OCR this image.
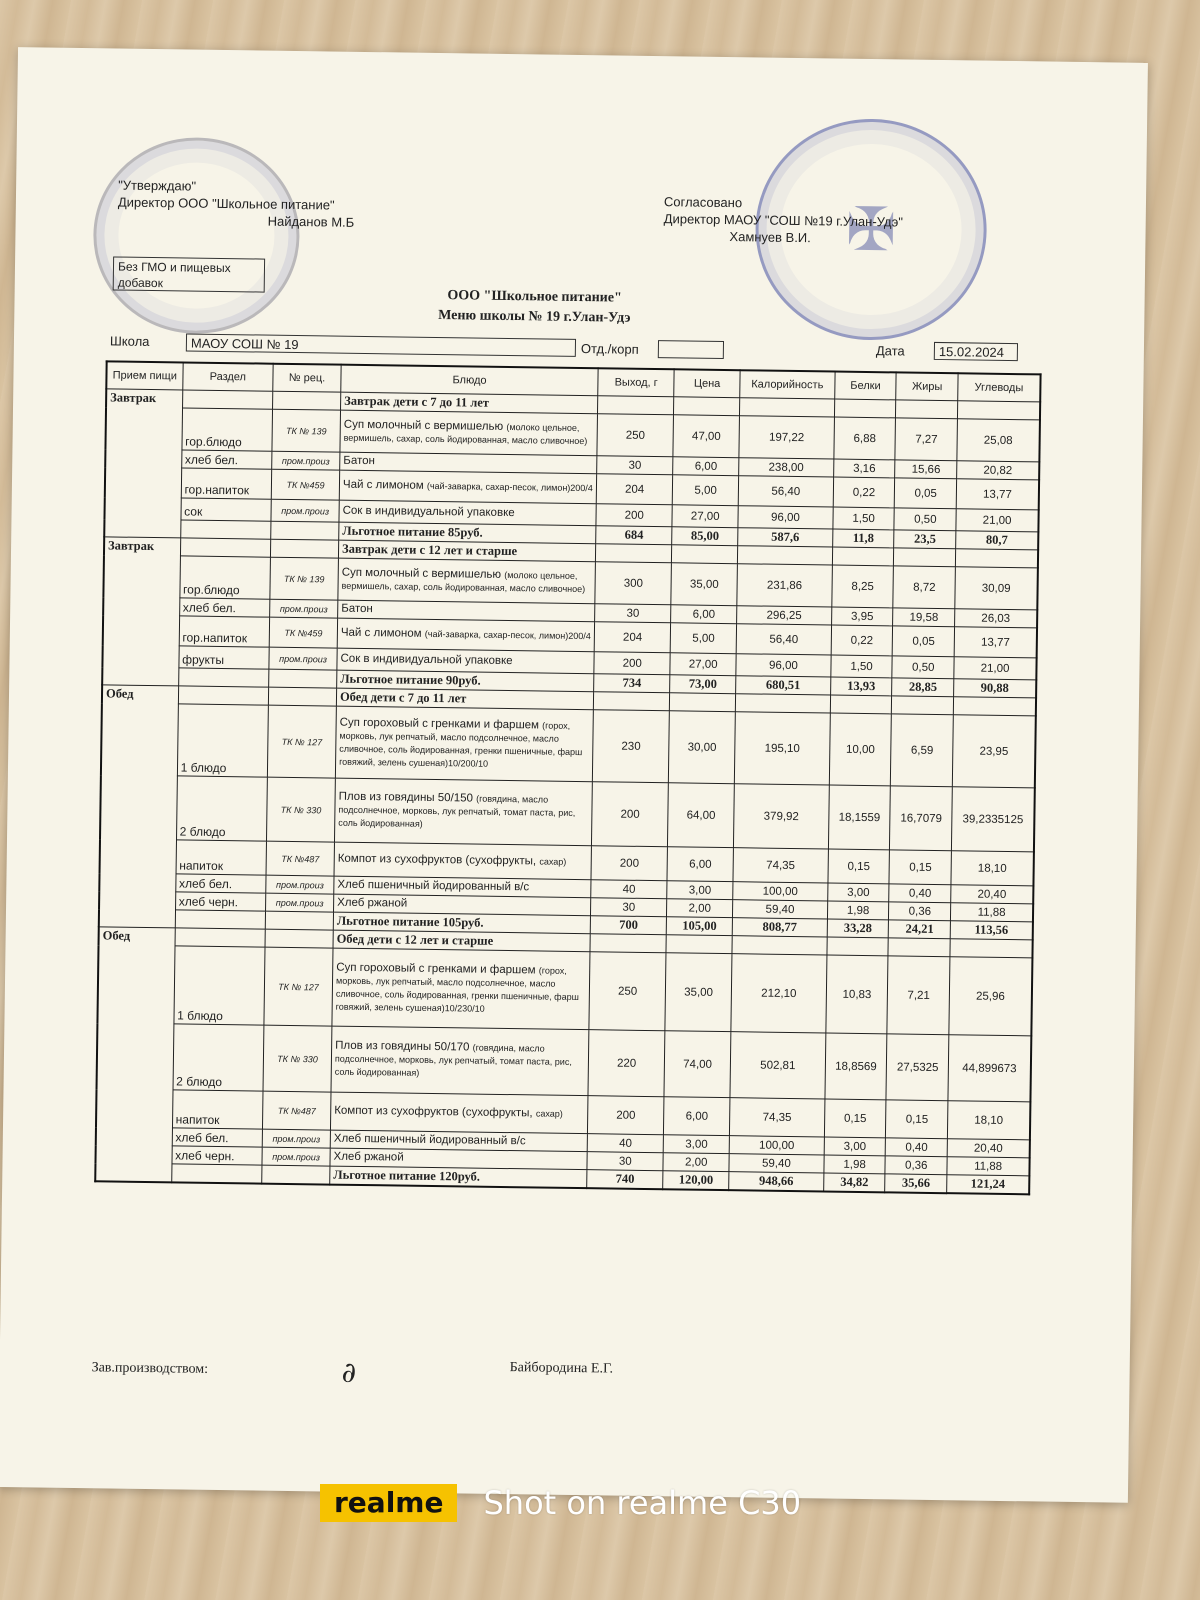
✠
"Утверждаю"
Директор ООО "Школьное питание"
Найданов М.Б
Без ГМО и пищевых
добавок
Согласовано
Директор МАОУ "СОШ №19 г.Улан-Удэ"
Хамнуев В.И.
ООО "Школьное питание"
Меню школы № 19 г.Улан-Удэ
Школа	МАОУ СОШ № 19	Отд./корп	Дата	15.02.2024
Прием пищи	Раздел	№ рец.	Блюдо	Выход, г	Цена	Калорийность	Белки	Жиры	Углеводы
Завтрак			Завтрак дети с 7 до 11 лет						
	гор.блюдо	ТК № 139	Суп молочный с вермишелью (молоко цельное, вермишель, сахар, соль йодированная, масло сливочное)	250	47,00	197,22	6,88	7,27	25,08
	хлеб бел.	пром.произ	Батон	30	6,00	238,00	3,16	15,66	20,82
	гор.напиток	ТК №459	Чай с лимоном (чай-заварка, сахар-песок, лимон)200/4	204	5,00	56,40	0,22	0,05	13,77
	сок	пром.произ	Сок в индивидуальной упаковке	200	27,00	96,00	1,50	0,50	21,00
			Льготное питание 85руб.	684	85,00	587,6	11,8	23,5	80,7
Завтрак			Завтрак дети с 12 лет и старше						
	гор.блюдо	ТК № 139	Суп молочный с вермишелью (молоко цельное, вермишель, сахар, соль йодированная, масло сливочное)	300	35,00	231,86	8,25	8,72	30,09
	хлеб бел.	пром.произ	Батон	30	6,00	296,25	3,95	19,58	26,03
	гор.напиток	ТК №459	Чай с лимоном (чай-заварка, сахар-песок, лимон)200/4	204	5,00	56,40	0,22	0,05	13,77
	фрукты	пром.произ	Сок в индивидуальной упаковке	200	27,00	96,00	1,50	0,50	21,00
			Льготное питание 90руб.	734	73,00	680,51	13,93	28,85	90,88
Обед			Обед дети с 7 до 11 лет						
	1 блюдо	ТК № 127	Суп гороховый с гренками и фаршем (горох, морковь, лук репчатый, масло подсолнечное, масло сливочное, соль йодированная, гренки пшеничные, фарш говяжий, зелень сушеная)10/200/10	230	30,00	195,10	10,00	6,59	23,95
	2 блюдо	ТК № 330	Плов из говядины 50/150 (говядина, масло подсолнечное, морковь, лук репчатый, томат паста, рис, соль йодированная)	200	64,00	379,92	18,1559	16,7079	39,2335125
	напиток	ТК №487	Компот из сухофруктов (сухофрукты, сахар)	200	6,00	74,35	0,15	0,15	18,10
	хлеб бел.	пром.произ	Хлеб пшеничный йодированный в/с	40	3,00	100,00	3,00	0,40	20,40
	хлеб черн.	пром.произ	Хлеб ржаной	30	2,00	59,40	1,98	0,36	11,88
			Льготное питание 105руб.	700	105,00	808,77	33,28	24,21	113,56
Обед			Обед дети с 12 лет и старше						
	1 блюдо	ТК № 127	Суп гороховый с гренками и фаршем (горох, морковь, лук репчатый, масло подсолнечное, масло сливочное, соль йодированная, гренки пшеничные, фарш говяжий, зелень сушеная)10/230/10	250	35,00	212,10	10,83	7,21	25,96
	2 блюдо	ТК № 330	Плов из говядины 50/170 (говядина, масло подсолнечное, морковь, лук репчатый, томат паста, рис, соль йодированная)	220	74,00	502,81	18,8569	27,5325	44,899673
	напиток	ТК №487	Компот из сухофруктов (сухофрукты, сахар)	200	6,00	74,35	0,15	0,15	18,10
	хлеб бел.	пром.произ	Хлеб пшеничный йодированный в/с	40	3,00	100,00	3,00	0,40	20,40
	хлеб черн.	пром.произ	Хлеб ржаной	30	2,00	59,40	1,98	0,36	11,88
			Льготное питание 120руб.	740	120,00	948,66	34,82	35,66	121,24
Зав.производством:	∂	Байбородина Е.Г.
realme	Shot on realme C30
